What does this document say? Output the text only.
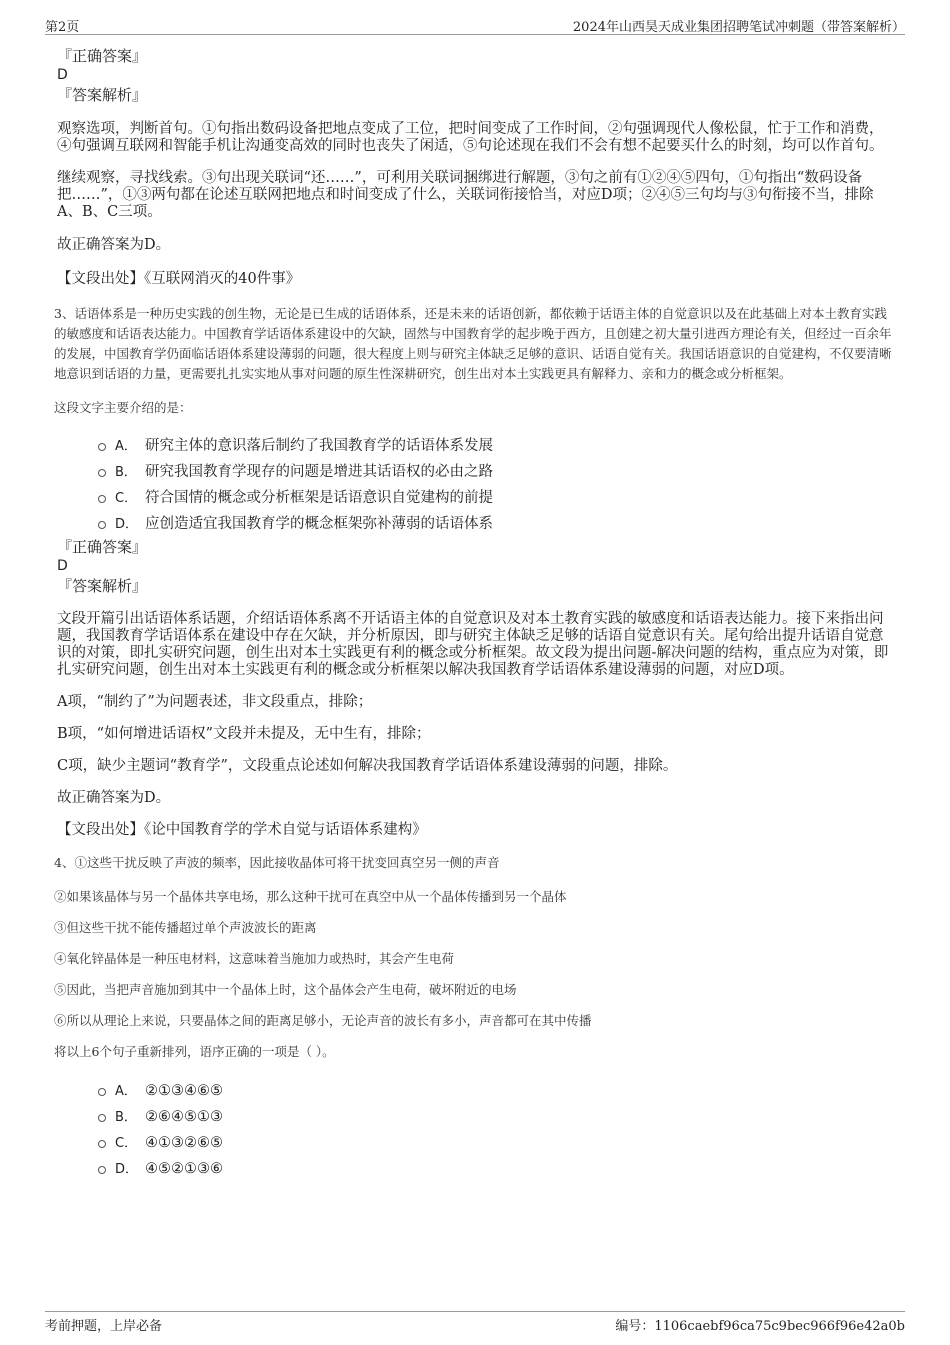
第2页	2024年山西昊天成业集团招聘笔试冲刺题（带答案解析）

『正确答案』

D

『答案解析』

观察选项，判断首句。①句指出数码设备把地点变成了工位，把时间变成了工作时间，②句强调现代人像松鼠，忙于工作和消费，④句强调互联网和智能手机让沟通变高效的同时也丧失了闲适，⑤句论述现在我们不会有想不起要买什么的时刻，均可以作首句。

继续观察，寻找线索。③句出现关联词“还……”，可利用关联词捆绑进行解题，③句之前有①②④⑤四句，①句指出“数码设备把……”，①③两句都在论述互联网把地点和时间变成了什么，关联词衔接恰当，对应D项；②④⑤三句均与③句衔接不当，排除A、B、C三项。

故正确答案为D。

【文段出处】《互联网消灭的40件事》

3、话语体系是一种历史实践的创生物，无论是已生成的话语体系，还是未来的话语创新，都依赖于话语主体的自觉意识以及在此基础上对本土教育实践的敏感度和话语表达能力。中国教育学话语体系建设中的欠缺，固然与中国教育学的起步晚于西方，且创建之初大量引进西方理论有关，但经过一百余年的发展，中国教育学仍面临话语体系建设薄弱的问题，很大程度上则与研究主体缺乏足够的意识、话语自觉有关。我国话语意识的自觉建构，不仅要清晰地意识到话语的力量，更需要扎扎实实地从事对问题的原生性深耕研究，创生出对本土实践更具有解释力、亲和力的概念或分析框架。

这段文字主要介绍的是：

A． 研究主体的意识落后制约了我国教育学的话语体系发展
B． 研究我国教育学现存的问题是增进其话语权的必由之路
C． 符合国情的概念或分析框架是话语意识自觉建构的前提
D． 应创造适宜我国教育学的概念框架弥补薄弱的话语体系

『正确答案』

D

『答案解析』

文段开篇引出话语体系话题，介绍话语体系离不开话语主体的自觉意识及对本土教育实践的敏感度和话语表达能力。接下来指出问题，我国教育学话语体系在建设中存在欠缺，并分析原因，即与研究主体缺乏足够的话语自觉意识有关。尾句给出提升话语自觉意识的对策，即扎实研究问题，创生出对本土实践更有利的概念或分析框架。故文段为提出问题-解决问题的结构，重点应为对策，即扎实研究问题，创生出对本土实践更有利的概念或分析框架以解决我国教育学话语体系建设薄弱的问题，对应D项。

A项，“制约了”为问题表述，非文段重点，排除；

B项，“如何增进话语权”文段并未提及，无中生有，排除；

C项，缺少主题词“教育学”，文段重点论述如何解决我国教育学话语体系建设薄弱的问题，排除。

故正确答案为D。

【文段出处】《论中国教育学的学术自觉与话语体系建构》

4、①这些干扰反映了声波的频率，因此接收晶体可将干扰变回真空另一侧的声音

②如果该晶体与另一个晶体共享电场，那么这种干扰可在真空中从一个晶体传播到另一个晶体

③但这些干扰不能传播超过单个声波波长的距离

④氧化锌晶体是一种压电材料，这意味着当施加力或热时，其会产生电荷

⑤因此，当把声音施加到其中一个晶体上时，这个晶体会产生电荷，破坏附近的电场

⑥所以从理论上来说，只要晶体之间的距离足够小，无论声音的波长有多小，声音都可在其中传播

将以上6个句子重新排列，语序正确的一项是（ ）。

A． ②①③④⑥⑤
B． ②⑥④⑤①③
C． ④①③②⑥⑤
D． ④⑤②①③⑥
考前押题，上岸必备	编号：1106caebf96ca75c9bec966f96e42a0b
